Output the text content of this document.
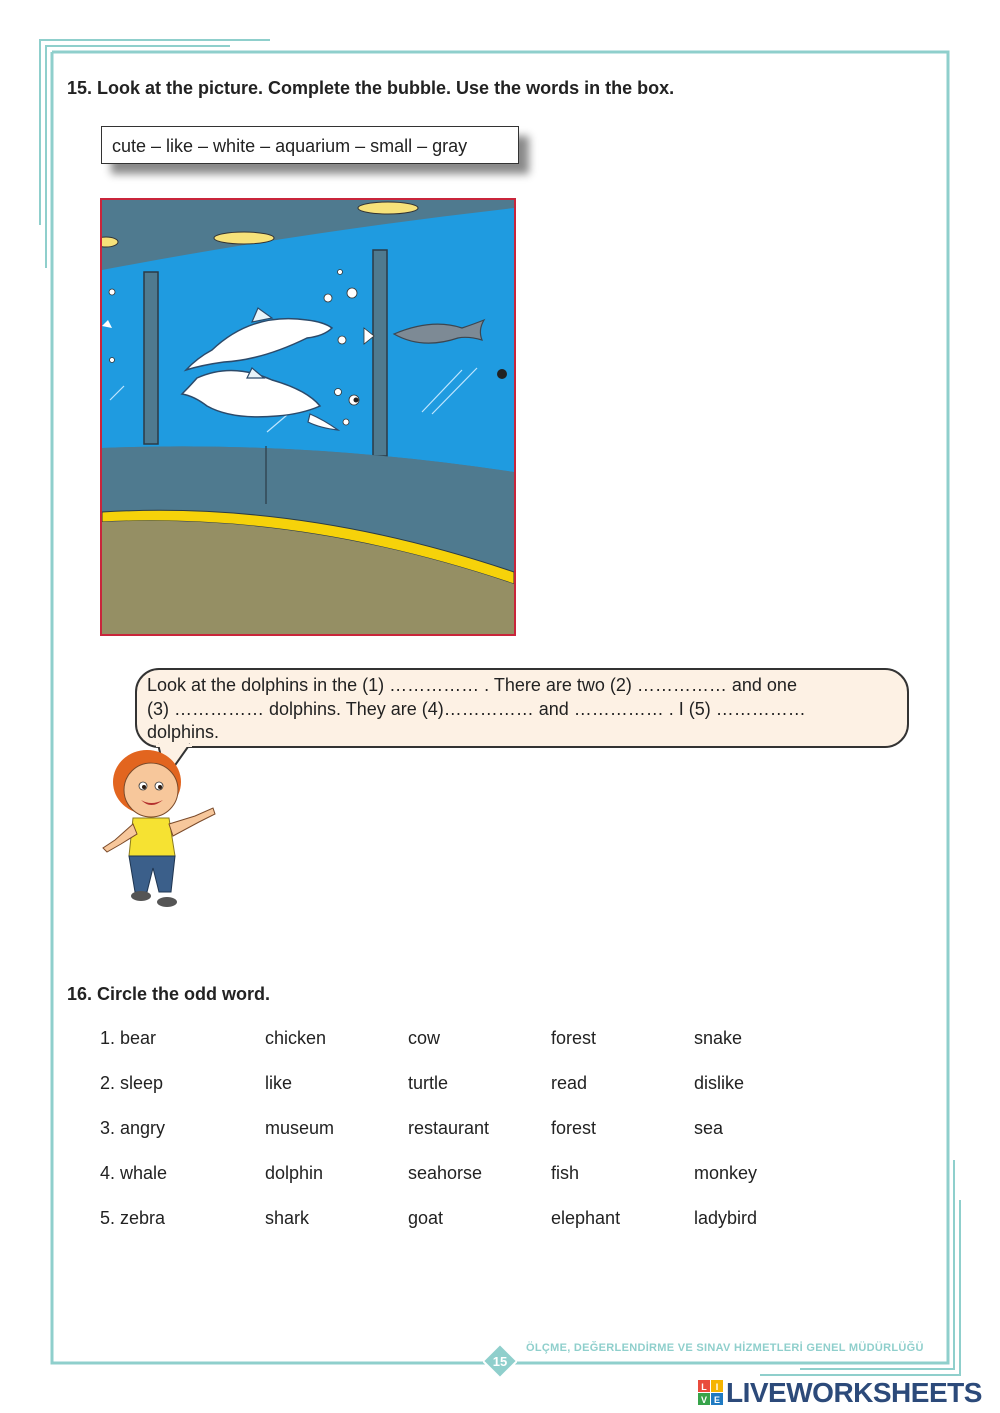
15. Look at the picture. Complete the bubble. Use the words in the box.
cute – like – white – aquarium – small – gray
Look at the dolphins in the (1) …………… . There are two (2) …………… and one
(3) …………… dolphins. They are (4)…………… and …………… . I (5) ……………
dolphins.
16. Circle the odd word.
1. bear	chicken	cow	forest	snake
2. sleep	like	turtle	read	dislike
3. angry	museum	restaurant	forest	sea
4. whale	dolphin	seahorse	fish	monkey
5. zebra	shark	goat	elephant	ladybird
15
ÖLÇME, DEĞERLENDİRME VE SINAV HİZMETLERİ GENEL MÜDÜRLÜĞÜ
L I
V E LIVEWORKSHEETS
